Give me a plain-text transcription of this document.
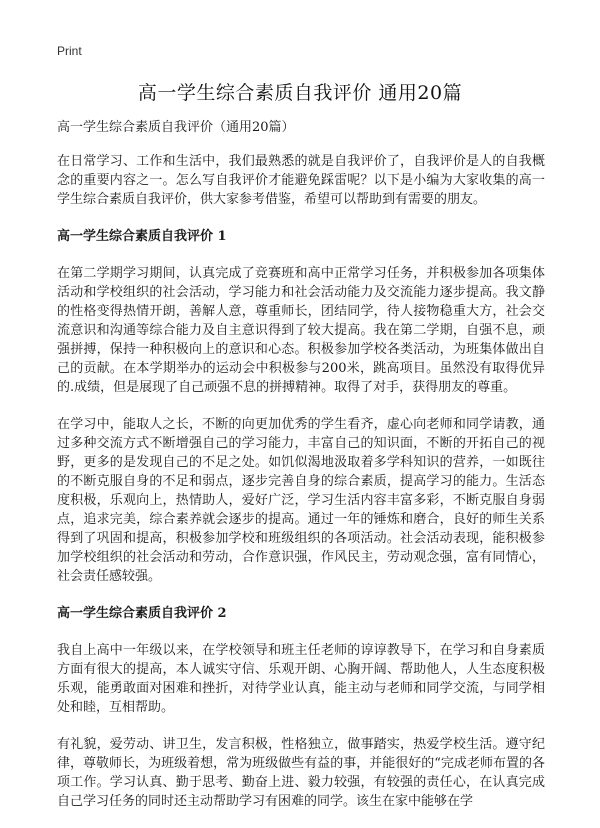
Print
高一学生综合素质自我评价 通用20篇

高一学生综合素质自我评价（通用20篇）

在日常学习、工作和生活中，我们最熟悉的就是自我评价了，自我评价是人的自我概念的重要内容之一。怎么写自我评价才能避免踩雷呢？以下是小编为大家收集的高一学生综合素质自我评价，供大家参考借鉴，希望可以帮助到有需要的朋友。

高一学生综合素质自我评价 1

在第二学期学习期间，认真完成了竞赛班和高中正常学习任务，并积极参加各项集体活动和学校组织的社会活动，学习能力和社会活动能力及交流能力逐步提高。我文静的性格变得热情开朗，善解人意，尊重师长，团结同学，待人接物稳重大方，社会交流意识和沟通等综合能力及自主意识得到了较大提高。我在第二学期，自强不息，顽强拼搏，保持一种积极向上的意识和心态。积极参加学校各类活动，为班集体做出自己的贡献。在本学期举办的运动会中积极参与200米，跳高项目。虽然没有取得优异的.成绩，但是展现了自己顽强不息的拼搏精神。取得了对手，获得朋友的尊重。

在学习中，能取人之长，不断的向更加优秀的学生看齐，虚心向老师和同学请教，通过多种交流方式不断增强自己的学习能力，丰富自己的知识面，不断的开拓自己的视野，更多的是发现自己的不足之处。如饥似渴地汲取着多学科知识的营养，一如既往的不断克服自身的不足和弱点，逐步完善自身的综合素质，提高学习的能力。生活态度积极，乐观向上，热情助人，爱好广泛，学习生活内容丰富多彩，不断克服自身弱点，追求完美，综合素养就会逐步的提高。通过一年的锤炼和磨合，良好的师生关系得到了巩固和提高，积极参加学校和班级组织的各项活动。社会活动表现，能积极参加学校组织的社会活动和劳动，合作意识强，作风民主，劳动观念强，富有同情心，社会责任感较强。

高一学生综合素质自我评价 2

我自上高中一年级以来，在学校领导和班主任老师的谆谆教导下，在学习和自身素质方面有很大的提高，本人诚实守信、乐观开朗、心胸开阔、帮助他人，人生态度积极乐观，能勇敢面对困难和挫折，对待学业认真，能主动与老师和同学交流，与同学相处和睦，互相帮助。

有礼貌，爱劳动、讲卫生，发言积极，性格独立，做事踏实，热爱学校生活。遵守纪律，尊敬师长，为班级着想，常为班级做些有益的事，并能很好的“完成老师布置的各项工作。学习认真、勤于思考、勤奋上进、毅力较强，有较强的责任心，在认真完成自己学习任务的同时还主动帮助学习有困难的同学。该生在家中能够在学
